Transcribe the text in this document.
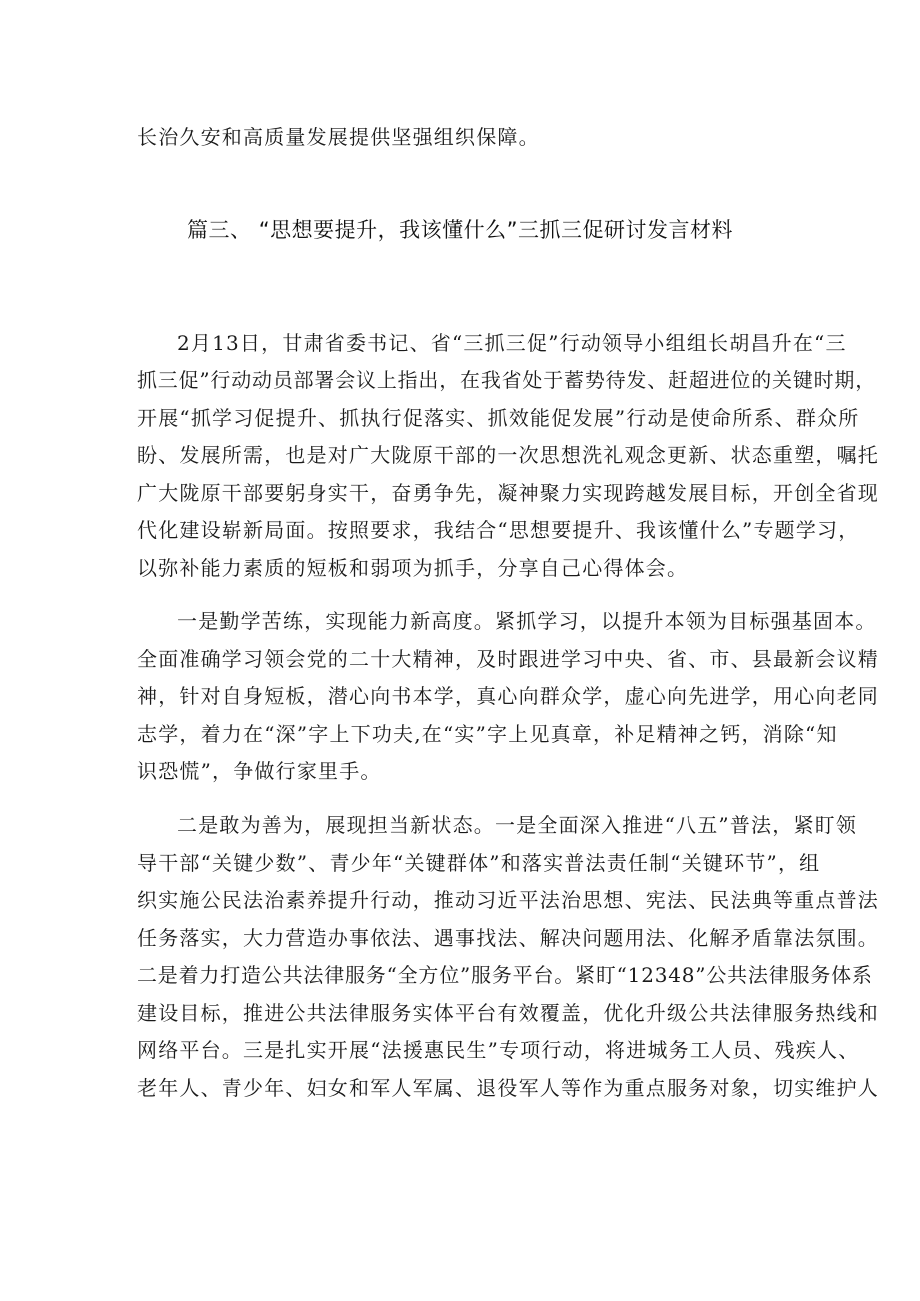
长治久安和高质量发展提供坚强组织保障。
篇三、 “思想要提升，我该懂什么”三抓三促研讨发言材料
2月13日，甘肃省委书记、省“三抓三促”行动领导小组组长胡昌升在“三
抓三促”行动动员部署会议上指出，在我省处于蓄势待发、赶超进位的关键时期，
开展“抓学习促提升、抓执行促落实、抓效能促发展”行动是使命所系、群众所
盼、发展所需，也是对广大陇原干部的一次思想洗礼观念更新、状态重塑，嘱托
广大陇原干部要躬身实干，奋勇争先，凝神聚力实现跨越发展目标，开创全省现
代化建设崭新局面。按照要求，我结合“思想要提升、我该懂什么”专题学习，
以弥补能力素质的短板和弱项为抓手，分享自己心得体会。
一是勤学苦练，实现能力新高度。紧抓学习，以提升本领为目标强基固本。
全面准确学习领会党的二十大精神，及时跟进学习中央、省、市、县最新会议精
神，针对自身短板，潜心向书本学，真心向群众学，虚心向先进学，用心向老同
志学，着力在“深”字上下功夫,在“实”字上见真章，补足精神之钙，消除“知
识恐慌”，争做行家里手。
二是敢为善为，展现担当新状态。一是全面深入推进“八五”普法，紧盯领
导干部“关键少数”、青少年“关键群体”和落实普法责任制“关键环节”，组
织实施公民法治素养提升行动，推动习近平法治思想、宪法、民法典等重点普法
任务落实，大力营造办事依法、遇事找法、解决问题用法、化解矛盾靠法氛围。
二是着力打造公共法律服务“全方位”服务平台。紧盯“12348”公共法律服务体系
建设目标，推进公共法律服务实体平台有效覆盖，优化升级公共法律服务热线和
网络平台。三是扎实开展“法援惠民生”专项行动，将进城务工人员、残疾人、
老年人、青少年、妇女和军人军属、退役军人等作为重点服务对象，切实维护人
